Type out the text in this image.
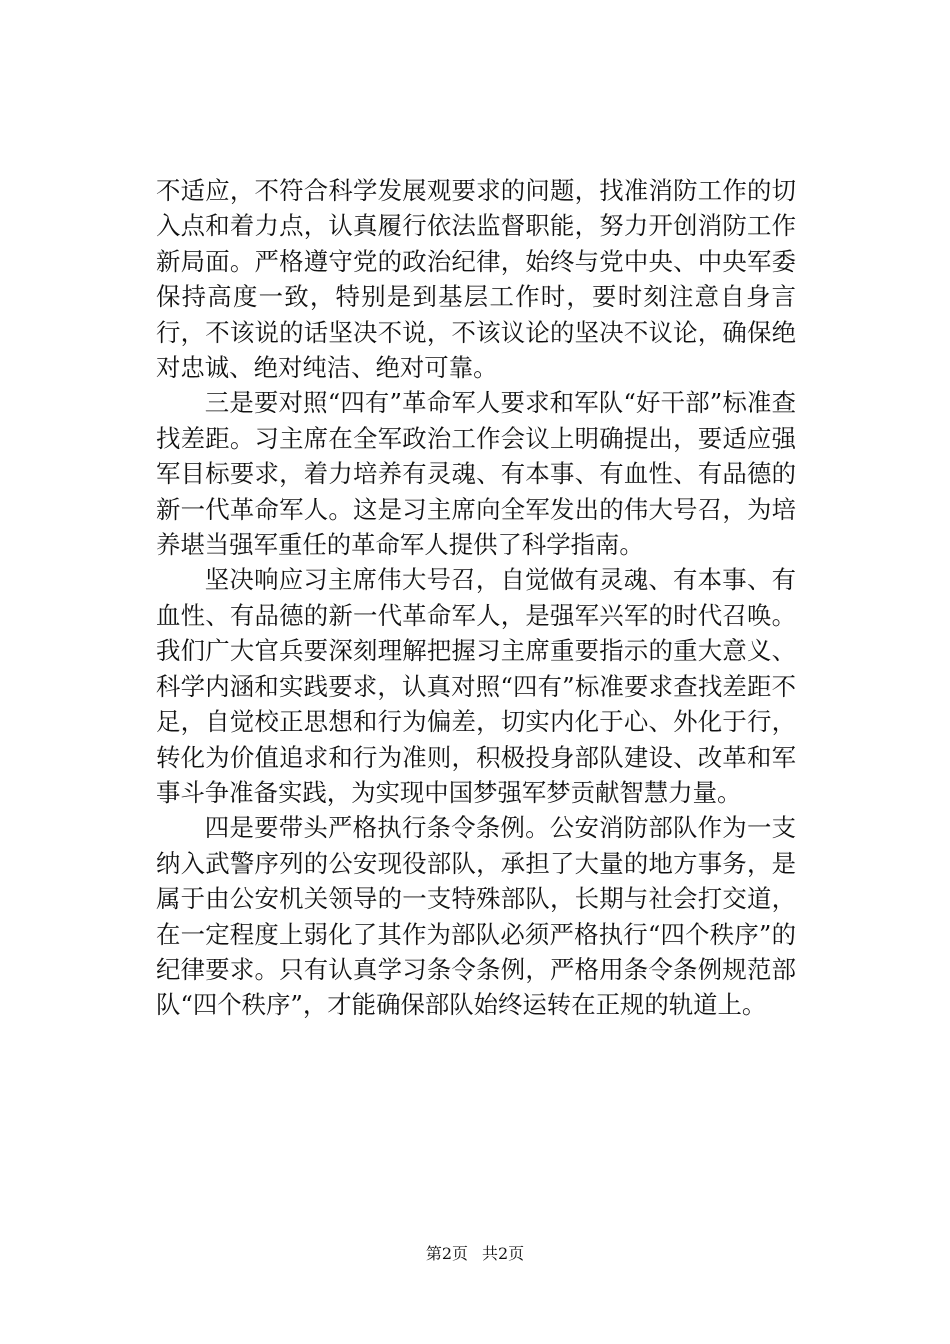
不适应，不符合科学发展观要求的问题，找准消防工作的切入点和着力点，认真履行依法监督职能，努力开创消防工作新局面。严格遵守党的政治纪律，始终与党中央、中央军委保持高度一致，特别是到基层工作时，要时刻注意自身言行，不该说的话坚决不说，不该议论的坚决不议论，确保绝对忠诚、绝对纯洁、绝对可靠。

三是要对照“四有”革命军人要求和军队“好干部”标准查找差距。习主席在全军政治工作会议上明确提出，要适应强军目标要求，着力培养有灵魂、有本事、有血性、有品德的新一代革命军人。这是习主席向全军发出的伟大号召，为培养堪当强军重任的革命军人提供了科学指南。

坚决响应习主席伟大号召，自觉做有灵魂、有本事、有血性、有品德的新一代革命军人，是强军兴军的时代召唤。我们广大官兵要深刻理解把握习主席重要指示的重大意义、科学内涵和实践要求，认真对照“四有”标准要求查找差距不足，自觉校正思想和行为偏差，切实内化于心、外化于行，转化为价值追求和行为准则，积极投身部队建设、改革和军事斗争准备实践，为实现中国梦强军梦贡献智慧力量。

四是要带头严格执行条令条例。公安消防部队作为一支纳入武警序列的公安现役部队，承担了大量的地方事务，是属于由公安机关领导的一支特殊部队，长期与社会打交道，在一定程度上弱化了其作为部队必须严格执行“四个秩序”的纪律要求。只有认真学习条令条例，严格用条令条例规范部队“四个秩序”，才能确保部队始终运转在正规的轨道上。

第2页 共2页
